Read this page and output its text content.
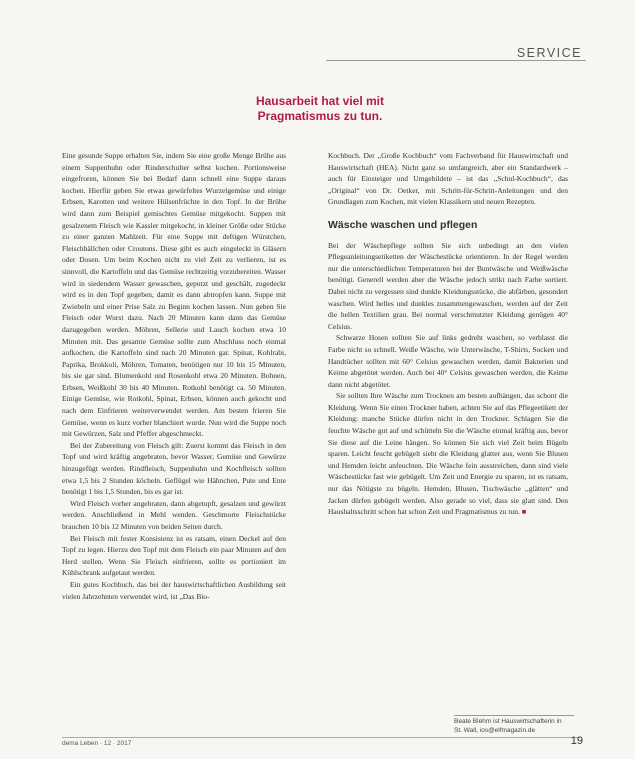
SERVICE
Hausarbeit hat viel mit
Pragmatismus zu tun.

Eine gesunde Suppe erhalten Sie, indem Sie eine große Menge Brühe aus einem Suppenhuhn oder Rinderschulter selbst kochen. Portionsweise eingefroren, können Sie bei Bedarf dann schnell eine Suppe daraus kochen. Hierfür geben Sie etwas gewürfeltes Wurzelgemüse und einige Erbsen, Karotten und weitere Hülsenfrüchte in den Topf. In der Brühe wird dann zum Beispiel gemischtes Gemüse mitgekocht. Suppen mit gesalzenem Fleisch wie Kassler mitgekocht, in kleiner Größe oder Stücke zu einer ganzen Mahlzeit. Für eine Suppe mit deftigen Würstchen, Fleischbällchen oder Croutons. Diese gibt es auch eingeleckt in Gläsern oder Dosen. Um beim Kochen nicht zu viel Zeit zu verlieren, ist es sinnvoll, die Kartoffeln und das Gemüse rechtzeitig vorzubereiten. Wasser wird in siedendem Wasser gewaschen, geputzt und geschält, zugedeckt wird es in den Topf gegeben, damit es dann abtropfen kann. Suppe mit Zwiebeln und einer Prise Salz zu Beginn kochen lassen. Nun geben Sie Fleisch oder Wurst dazu. Nach 20 Minuten kann dann das Gemüse dazugegeben werden. Möhren, Sellerie und Lauch kochen etwa 10 Minuten mit. Das gesamte Gemüse sollte zum Abschluss noch einmal aufkochen, die Kartoffeln sind nach 20 Minuten gar. Spinat, Kohlrabi, Paprika, Brokkoli, Möhren, Tomaten, benötigen nur 10 bis 15 Minuten, bis sie gar sind. Blumenkohl und Rosenkohl etwa 20 Minuten. Bohnen, Erbsen, Weißkohl 30 bis 40 Minuten. Rotkohl benötigt ca. 50 Minuten. Einige Gemüse, wie Rotkohl, Spinat, Erbsen, können auch gekocht und nach dem Einfrieren weiterverwendet werden. Am besten frieren Sie Gemüse, wenn es kurz vorher blanchiert wurde. Nun wird die Suppe noch mit Gewürzen, Salz und Pfeffer abgeschmeckt.

Bei der Zubereitung von Fleisch gilt: Zuerst kommt das Fleisch in den Topf und wird kräftig angebraten, bevor Wasser, Gemüse und Gewürze hinzugefügt werden. Rindfleisch, Suppenhuhn und Kochfleisch sollten etwa 1,5 bis 2 Stunden köcheln. Geflügel wie Hähnchen, Pute und Ente benötigt 1 bis 1,5 Stunden, bis es gar ist.

Wird Fleisch vorher angebraten, dann abgetupft, gesalzen und gewürzt werden. Anschließend in Mehl wenden. Geschmorte Fleischstücke brauchen 10 bis 12 Minuten von beiden Seiten durch.

Bei Fleisch mit fester Konsistenz ist es ratsam, einen Deckel auf den Topf zu legen. Hierzu den Topf mit dem Fleisch ein paar Minuten auf den Herd stellen. Wenn Sie Fleisch einfrieren, sollte es portioniert im Kühlschrank aufgetaut werden.

Ein gutes Kochbuch, das bei der hauswirtschaftlichen Ausbildung seit vielen Jahrzehnten verwendet wird, ist „Das Bio-

Kochbuch. Der ,,Große Kochbuch“ vom Fachverband für Hauswirtschaft und Hauswirtschaft (HEA). Nicht ganz so umfangreich, aber ein Standardwerk – auch für Einsteiger und Umgebildete – ist das ,,Schul-Kochbuch“, das „Original“ von Dr. Oetker, mit Schritt-für-Schritt-Anleitungen und den Grundlagen zum Kochen, mit vielen Klassikern und neuen Rezepten.

Wäsche waschen und pflegen

Bei der Wäschepflege sollten Sie sich unbedingt an den vielen Pflegeanleitungsetiketten der Wäschestücke orientieren. In der Regel werden nur die unterschiedlichen Temperaturen bei der Buntwäsche und Weißwäsche benötigt. Generell werden aber die Wäsche jedoch strikt nach Farbe sortiert. Dabei nicht zu vergessen sind dunkle Kleidungsstücke, die abfärben, gesondert waschen. Wird helles und dunkles zusammengewaschen, werden auf der Zeit die hellen Textilien grau. Bei normal verschmutzter Kleidung genügen 40° Celsius.

Schwarze Hosen sollten Sie auf links gedreht waschen, so verblasst die Farbe nicht so schnell. Weiße Wäsche, wie Unterwäsche, T-Shirts, Socken und Handtücher sollten mit 60° Celsius gewaschen werden, damit Bakterien und Keime abgetötet werden. Auch bei 40° Celsius gewaschen werden, die Keime dann nicht abgetötet.

Sie sollten Ihre Wäsche zum Trocknen am besten aufhängen, das schont die Kleidung. Wenn Sie einen Trockner haben, achten Sie auf das Pflegeetikett der Kleidung: manche Stücke dürfen nicht in den Trockner. Schlagen Sie die feuchte Wäsche gut auf und schütteln Sie die Wäsche einmal kräftig aus, bevor Sie diese auf die Leine hängen. So können Sie sich viel Zeit beim Bügeln sparen. Leicht feucht gebügelt sieht die Kleidung glatter aus, wenn Sie Blusen und Hemden leicht anfeuchten. Die Wäsche fein ausstreichen, dann sind viele Wäschestücke fast wie gebügelt. Um Zeit und Energie zu sparen, ist es ratsam, nur das Nötigste zu bügeln. Hemden, Blusen, Tischwäsche ,,glätten“ und Jacken dürfen gebügelt werden. Also gerade so viel, dass sie glatt sind. Den Haushaltsschritt schon hat schon Zeit und Pragmatismus zu tun. ■

Beate Blehm ist Hauswirtschafterin in
St. Wall, ios@elfmagazin.de
dema Leben · 12 · 2017	19
